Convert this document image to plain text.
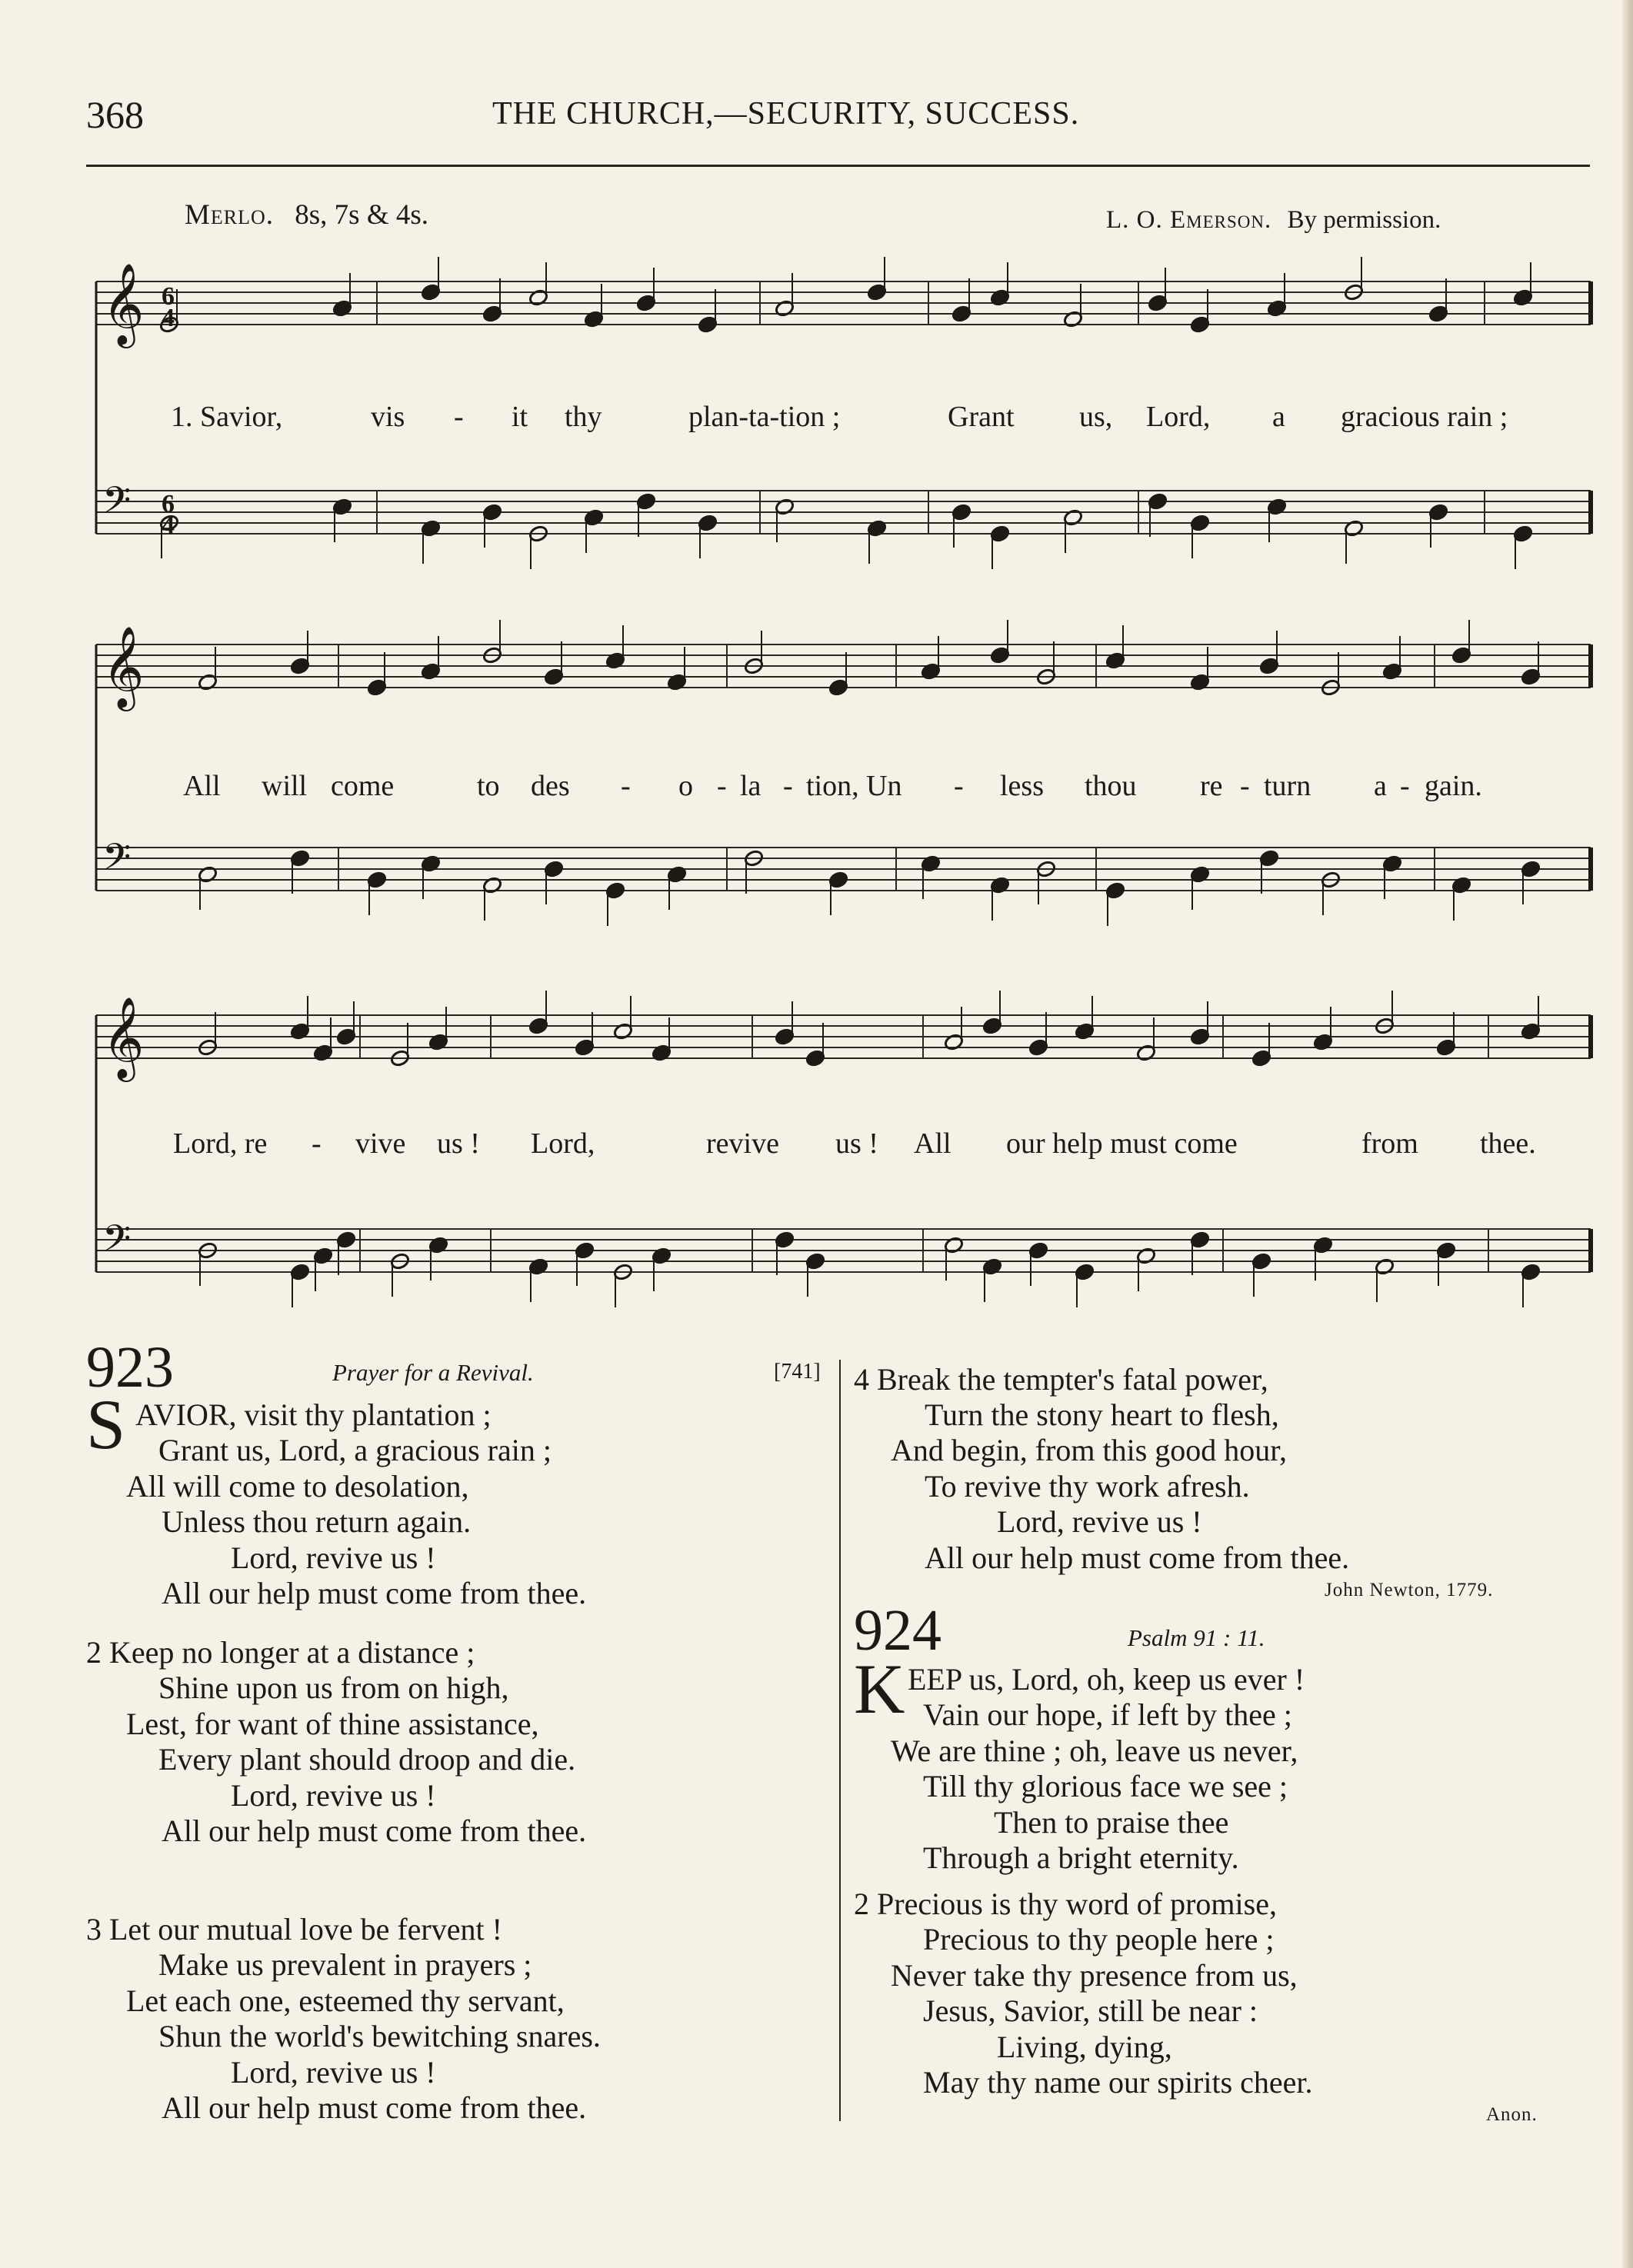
368	THE CHURCH,—SECURITY, SUCCESS.
Merlo. 8s, 7s & 4s.	L. O. Emerson. By permission.
𝄞 6
4
𝄢 6
4
𝄞
𝄢
𝄞
𝄢
1. Savior,	vis - it thy	plan-ta-tion ;	Grant us, Lord, a gracious rain ;
All will come	to des - o - la - tion, Un - less thou re - turn a - gain.
Lord, re - vive us ! Lord,	revive us ! All our help must come	from thee.
923	Prayer for a Revival.	[741]
S AVIOR, visit thy plantation ;
Grant us, Lord, a gracious rain ;
All will come to desolation,
Unless thou return again.
Lord, revive us !
All our help must come from thee.
2 Keep no longer at a distance ;
Shine upon us from on high,
Lest, for want of thine assistance,
Every plant should droop and die.
Lord, revive us !
All our help must come from thee.
3 Let our mutual love be fervent !
Make us prevalent in prayers ;
Let each one, esteemed thy servant,
Shun the world's bewitching snares.
Lord, revive us !
All our help must come from thee.
4 Break the tempter's fatal power,
Turn the stony heart to flesh,
And begin, from this good hour,
To revive thy work afresh.
Lord, revive us !
All our help must come from thee.
John Newton, 1779.
924	Psalm 91 : 11.
K EEP us, Lord, oh, keep us ever !
Vain our hope, if left by thee ;
We are thine ; oh, leave us never,
Till thy glorious face we see ;
Then to praise thee
Through a bright eternity.
2 Precious is thy word of promise,
Precious to thy people here ;
Never take thy presence from us,
Jesus, Savior, still be near :
Living, dying,
May thy name our spirits cheer.
Anon.
